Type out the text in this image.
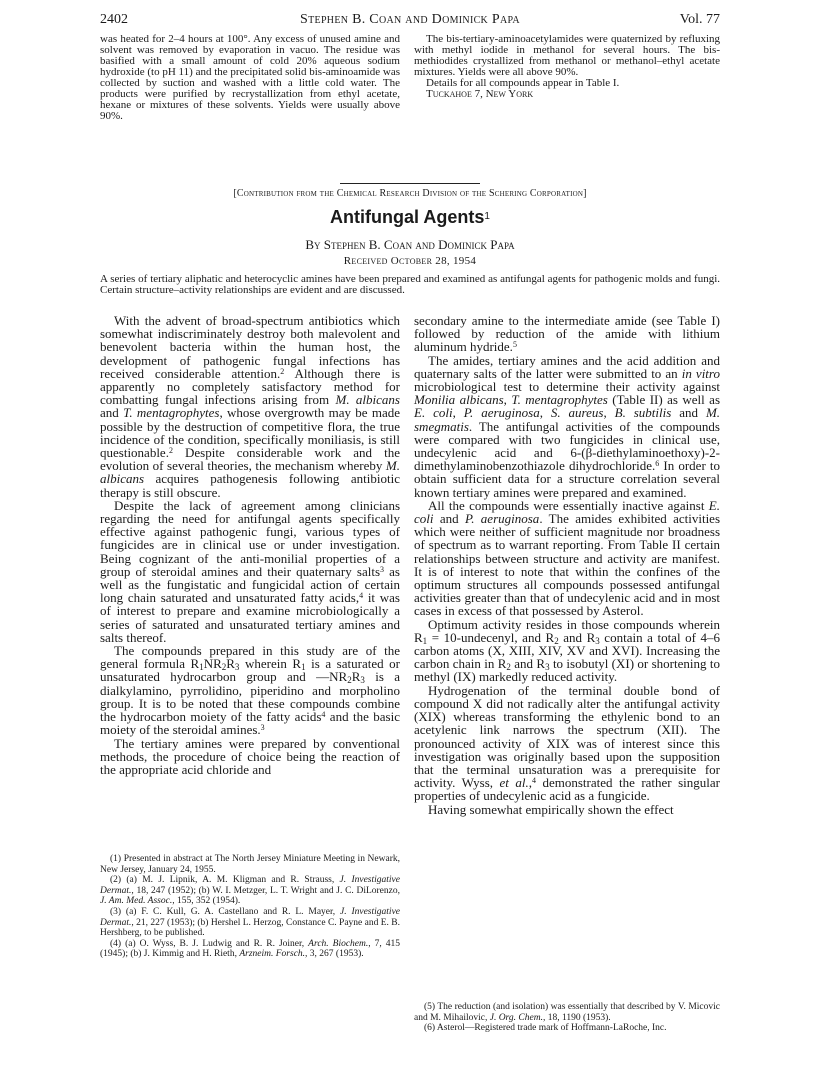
2402	Stephen B. Coan and Dominick Papa	Vol. 77

was heated for 2–4 hours at 100°. Any excess of unused amine and solvent was removed by evaporation in vacuo. The residue was basified with a small amount of cold 20% aqueous sodium hydroxide (to pH 11) and the precipitated solid bis-aminoamide was collected by suction and washed with a little cold water. The products were purified by recrystallization from ethyl acetate, hexane or mixtures of these solvents. Yields were usually above 90%.

The bis-tertiary-aminoacetylamides were quaternized by refluxing with methyl iodide in methanol for several hours. The bis-methiodides crystallized from methanol or methanol–ethyl acetate mixtures. Yields were all above 90%.

Details for all compounds appear in Table I.

Tuckahoe 7, New York

[Contribution from the Chemical Research Division of the Schering Corporation]
Antifungal Agents$^1$
By Stephen B. Coan and Dominick Papa
Received October 28, 1954
A series of tertiary aliphatic and heterocyclic amines have been prepared and examined as antifungal agents for pathogenic molds and fungi. Certain structure–activity relationships are evident and are discussed.

With the advent of broad-spectrum antibiotics which somewhat indiscriminately destroy both malevolent and benevolent bacteria within the human host, the development of pathogenic fungal infections has received considerable attention.$^2$ Although there is apparently no completely satisfactory method for combatting fungal infections arising from M. albicans and T. mentagrophytes, whose overgrowth may be made possible by the destruction of competitive flora, the true incidence of the condition, specifically moniliasis, is still questionable.$^2$ Despite considerable work and the evolution of several theories, the mechanism whereby M. albicans acquires pathogenesis following antibiotic therapy is still obscure.

Despite the lack of agreement among clinicians regarding the need for antifungal agents specifically effective against pathogenic fungi, various types of fungicides are in clinical use or under investigation. Being cognizant of the anti-monilial properties of a group of steroidal amines and their quaternary salts$^3$ as well as the fungistatic and fungicidal action of certain long chain saturated and unsaturated fatty acids,$^4$ it was of interest to prepare and examine microbiologically a series of saturated and unsaturated tertiary amines and salts thereof.

The compounds prepared in this study are of the general formula $R_1NR_2R_3$ wherein $R_1$ is a saturated or unsaturated hydrocarbon group and $—NR_2R_3$ is a dialkylamino, pyrrolidino, piperidino and morpholino group. It is to be noted that these compounds combine the hydrocarbon moiety of the fatty acids$^4$ and the basic moiety of the steroidal amines.$^3$

The tertiary amines were prepared by conventional methods, the procedure of choice being the reaction of the appropriate acid chloride and

(1) Presented in abstract at The North Jersey Miniature Meeting in Newark, New Jersey, January 24, 1955.

(2) (a) M. J. Lipnik, A. M. Kligman and R. Strauss, J. Investigative Dermat., 18, 247 (1952); (b) W. I. Metzger, L. T. Wright and J. C. DiLorenzo, J. Am. Med. Assoc., 155, 352 (1954).

(3) (a) F. C. Kull, G. A. Castellano and R. L. Mayer, J. Investigative Dermat., 21, 227 (1953); (b) Hershel L. Herzog, Constance C. Payne and E. B. Hershberg, to be published.

(4) (a) O. Wyss, B. J. Ludwig and R. R. Joiner, Arch. Biochem., 7, 415 (1945); (b) J. Kimmig and H. Rieth, Arzneim. Forsch., 3, 267 (1953).

secondary amine to the intermediate amide (see Table I) followed by reduction of the amide with lithium aluminum hydride.$^5$

The amides, tertiary amines and the acid addition and quaternary salts of the latter were submitted to an in vitro microbiological test to determine their activity against Monilia albicans, T. mentagrophytes (Table II) as well as E. coli, P. aeruginosa, S. aureus, B. subtilis and M. smegmatis. The antifungal activities of the compounds were compared with two fungicides in clinical use, undecylenic acid and 6-(β-diethylaminoethoxy)-2-dimethylaminobenzothiazole dihydrochloride.$^6$ In order to obtain sufficient data for a structure correlation several known tertiary amines were prepared and examined.

All the compounds were essentially inactive against E. coli and P. aeruginosa. The amides exhibited activities which were neither of sufficient magnitude nor broadness of spectrum as to warrant reporting. From Table II certain relationships between structure and activity are manifest. It is of interest to note that within the confines of the optimum structures all compounds possessed antifungal activities greater than that of undecylenic acid and in most cases in excess of that possessed by Asterol.

Optimum activity resides in those compounds wherein $R_1$ = 10-undecenyl, and $R_2$ and $R_3$ contain a total of 4–6 carbon atoms (X, XIII, XIV, XV and XVI). Increasing the carbon chain in $R_2$ and $R_3$ to isobutyl (XI) or shortening to methyl (IX) markedly reduced activity.

Hydrogenation of the terminal double bond of compound X did not radically alter the antifungal activity (XIX) whereas transforming the ethylenic bond to an acetylenic link narrows the spectrum (XII). The pronounced activity of XIX was of interest since this investigation was originally based upon the supposition that the terminal unsaturation was a prerequisite for activity. Wyss, et al.,$^4$ demonstrated the rather singular properties of undecylenic acid as a fungicide.

Having somewhat empirically shown the effect

(5) The reduction (and isolation) was essentially that described by V. Micovic and M. Mihailovic, J. Org. Chem., 18, 1190 (1953).

(6) Asterol—Registered trade mark of Hoffmann-LaRoche, Inc.
